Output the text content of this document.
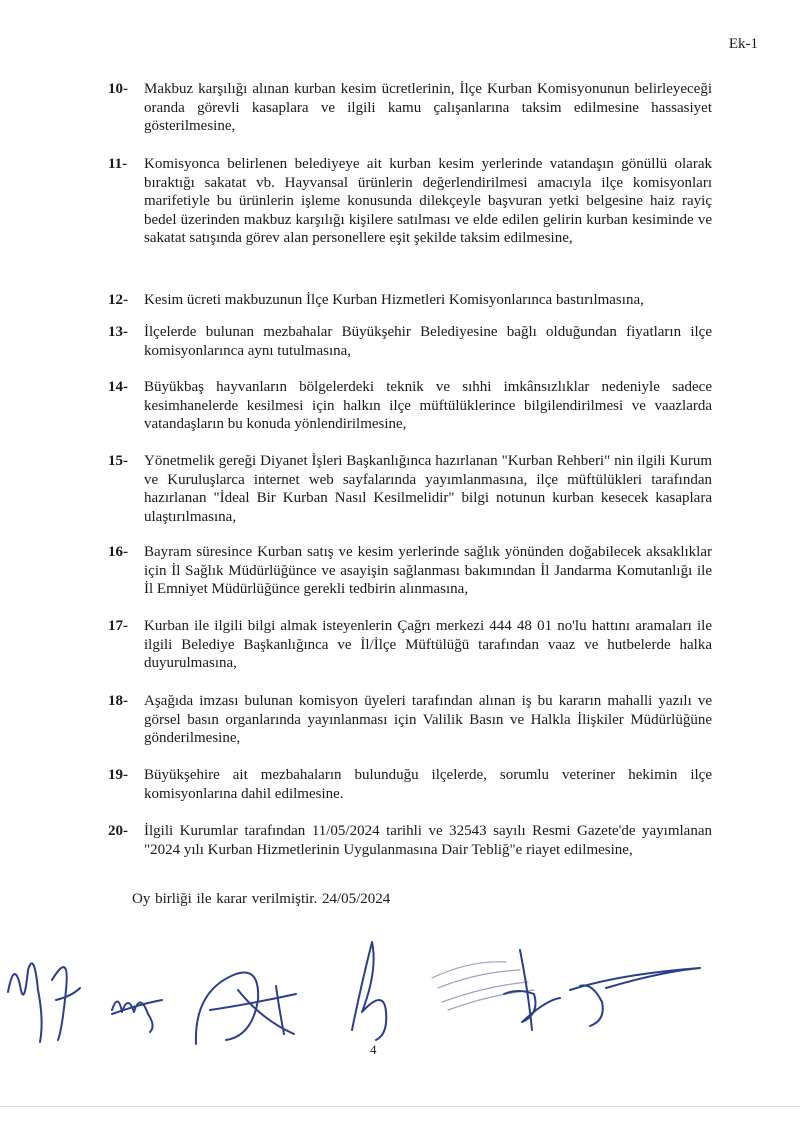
Ek-1
10-	Makbuz karşılığı alınan kurban kesim ücretlerinin, İlçe Kurban Komisyonunun belirleyeceği oranda görevli kasaplara ve ilgili kamu çalışanlarına taksim edilmesine hassasiyet gösterilmesine,
11-	Komisyonca belirlenen belediyeye ait kurban kesim yerlerinde vatandaşın gönüllü olarak bıraktığı sakatat vb. Hayvansal ürünlerin değerlendirilmesi amacıyla ilçe komisyonları marifetiyle bu ürünlerin işleme konusunda dilekçeyle başvuran yetki belgesine haiz rayiç bedel üzerinden makbuz karşılığı kişilere satılması ve elde edilen gelirin kurban kesiminde ve sakatat satışında görev alan personellere eşit şekilde taksim edilmesine,
12-	Kesim ücreti makbuzunun İlçe Kurban Hizmetleri Komisyonlarınca bastırılmasına,
13-	İlçelerde bulunan mezbahalar Büyükşehir Belediyesine bağlı olduğundan fiyatların ilçe komisyonlarınca aynı tutulmasına,
14-	Büyükbaş hayvanların bölgelerdeki teknik ve sıhhi imkânsızlıklar nedeniyle sadece kesimhanelerde kesilmesi için halkın ilçe müftülüklerince bilgilendirilmesi ve vaazlarda vatandaşların bu konuda yönlendirilmesine,
15-	Yönetmelik gereği Diyanet İşleri Başkanlığınca hazırlanan "Kurban Rehberi" nin ilgili Kurum ve Kuruluşlarca internet web sayfalarında yayımlanmasına, ilçe müftülükleri tarafından hazırlanan "İdeal Bir Kurban Nasıl Kesilmelidir" bilgi notunun kurban kesecek kasaplara ulaştırılmasına,
16-	Bayram süresince Kurban satış ve kesim yerlerinde sağlık yönünden doğabilecek aksaklıklar için İl Sağlık Müdürlüğünce ve asayişin sağlanması bakımından İl Jandarma Komutanlığı ile İl Emniyet Müdürlüğünce gerekli tedbirin alınmasına,
17-	Kurban ile ilgili bilgi almak isteyenlerin Çağrı merkezi 444 48 01 no'lu hattını aramaları ile ilgili Belediye Başkanlığınca ve İl/İlçe Müftülüğü tarafından vaaz ve hutbelerde halka duyurulmasına,
18-	Aşağıda imzası bulunan komisyon üyeleri tarafından alınan iş bu kararın mahalli yazılı ve görsel basın organlarında yayınlanması için Valilik Basın ve Halkla İlişkiler Müdürlüğüne gönderilmesine,
19-	Büyükşehire ait mezbahaların bulunduğu ilçelerde, sorumlu veteriner hekimin ilçe komisyonlarına dahil edilmesine.
20-	İlgili Kurumlar tarafından 11/05/2024 tarihli ve 32543 sayılı Resmi Gazete'de yayımlanan "2024 yılı Kurban Hizmetlerinin Uygulanmasına Dair Tebliğ"e riayet edilmesine,
Oy birliği ile karar verilmiştir. 24/05/2024
4
